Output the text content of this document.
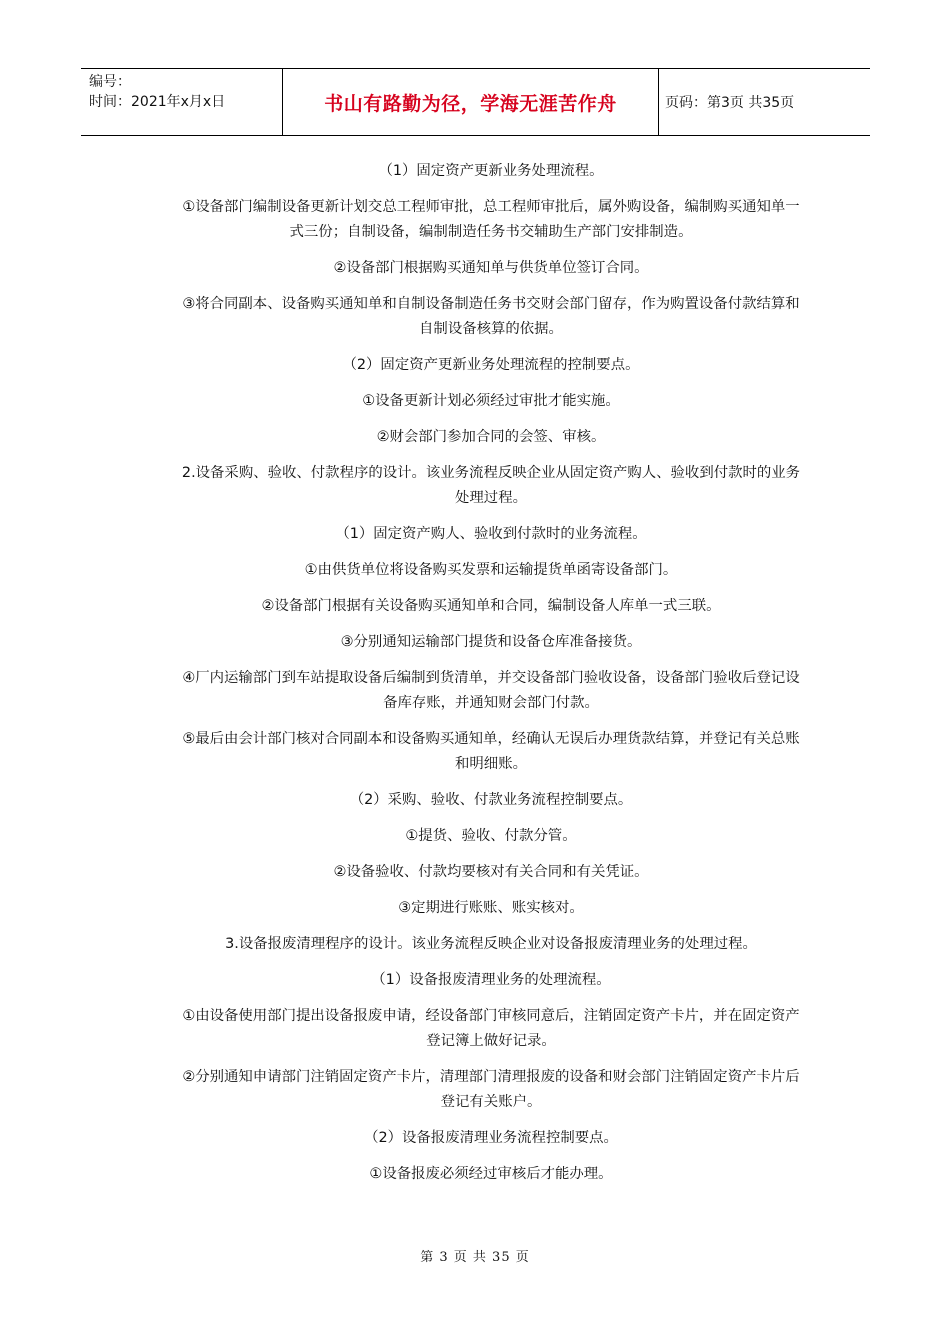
编号：
时间：2021年x月x日	书山有路勤为径，学海无涯苦作舟	页码：第3页 共35页

（1）固定资产更新业务处理流程。

①设备部门编制设备更新计划交总工程师审批，总工程师审批后，属外购设备，编制购买通知单一式三份；自制设备，编制制造任务书交辅助生产部门安排制造。

②设备部门根据购买通知单与供货单位签订合同。

③将合同副本、设备购买通知单和自制设备制造任务书交财会部门留存，作为购置设备付款结算和自制设备核算的依据。

（2）固定资产更新业务处理流程的控制要点。

①设备更新计划必须经过审批才能实施。

②财会部门参加合同的会签、审核。

2.设备采购、验收、付款程序的设计。该业务流程反映企业从固定资产购人、验收到付款时的业务处理过程。

（1）固定资产购人、验收到付款时的业务流程。

①由供货单位将设备购买发票和运输提货单函寄设备部门。

②设备部门根据有关设备购买通知单和合同，编制设备人库单一式三联。

③分别通知运输部门提货和设备仓库准备接货。

④厂内运输部门到车站提取设备后编制到货清单，并交设备部门验收设备，设备部门验收后登记设备库存账，并通知财会部门付款。

⑤最后由会计部门核对合同副本和设备购买通知单，经确认无误后办理货款结算，并登记有关总账和明细账。

（2）采购、验收、付款业务流程控制要点。

①提货、验收、付款分管。

②设备验收、付款均要核对有关合同和有关凭证。

③定期进行账账、账实核对。

3.设备报废清理程序的设计。该业务流程反映企业对设备报废清理业务的处理过程。

（1）设备报废清理业务的处理流程。

①由设备使用部门提出设备报废申请，经设备部门审核同意后，注销固定资产卡片，并在固定资产登记簿上做好记录。

②分别通知申请部门注销固定资产卡片，清理部门清理报废的设备和财会部门注销固定资产卡片后登记有关账户。

（2）设备报废清理业务流程控制要点。

①设备报废必须经过审核后才能办理。

第 3 页 共 35 页
